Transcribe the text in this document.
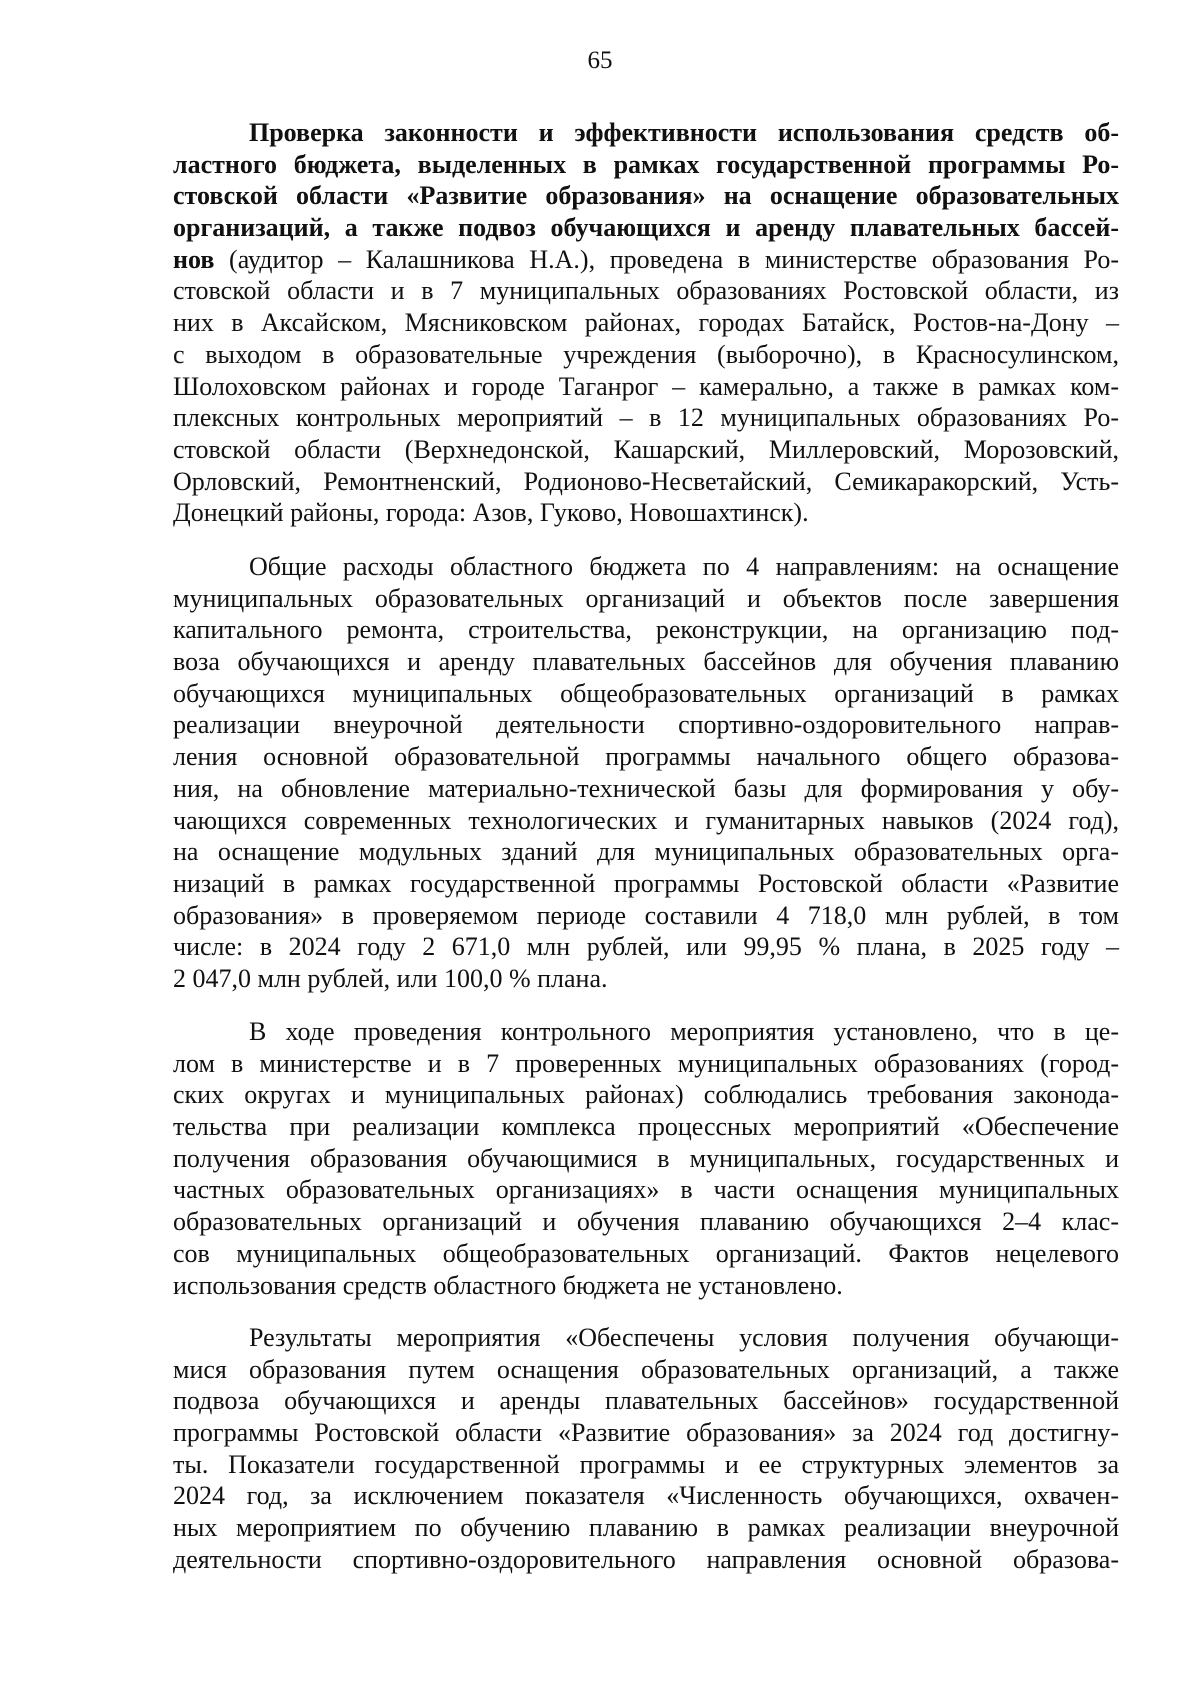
65
Проверка законности и эффективности использования средств об-
ластного бюджета, выделенных в рамках государственной программы Ро-
стовской области «Развитие образования» на оснащение образовательных
организаций, а также подвоз обучающихся и аренду плавательных бассей-
нов (аудитор – Калашникова Н.А.), проведена в министерстве образования Ро-
стовской области и в 7 муниципальных образованиях Ростовской области, из
них в Аксайском, Мясниковском районах, городах Батайск, Ростов-на-Дону –
с выходом в образовательные учреждения (выборочно), в Красносулинском,
Шолоховском районах и городе Таганрог – камерально, а также в рамках ком-
плексных контрольных мероприятий – в 12 муниципальных образованиях Ро-
стовской области (Верхнедонской, Кашарский, Миллеровский, Морозовский,
Орловский, Ремонтненский, Родионово-Несветайский, Семикаракорский, Усть-
Донецкий районы, города: Азов, Гуково, Новошахтинск).
Общие расходы областного бюджета по 4 направлениям: на оснащение
муниципальных образовательных организаций и объектов после завершения
капитального ремонта, строительства, реконструкции, на организацию под-
воза обучающихся и аренду плавательных бассейнов для обучения плаванию
обучающихся муниципальных общеобразовательных организаций в рамках
реализации внеурочной деятельности спортивно-оздоровительного направ-
ления основной образовательной программы начального общего образова-
ния, на обновление материально-технической базы для формирования у обу-
чающихся современных технологических и гуманитарных навыков (2024 год),
на оснащение модульных зданий для муниципальных образовательных орга-
низаций в рамках государственной программы Ростовской области «Развитие
образования» в проверяемом периоде составили 4 718,0 млн рублей, в том
числе: в 2024 году 2 671,0 млн рублей, или 99,95 % плана, в 2025 году –
2 047,0 млн рублей, или 100,0 % плана.
В ходе проведения контрольного мероприятия установлено, что в це-
лом в министерстве и в 7 проверенных муниципальных образованиях (город-
ских округах и муниципальных районах) соблюдались требования законода-
тельства при реализации комплекса процессных мероприятий «Обеспечение
получения образования обучающимися в муниципальных, государственных и
частных образовательных организациях» в части оснащения муниципальных
образовательных организаций и обучения плаванию обучающихся 2–4 клас-
сов муниципальных общеобразовательных организаций. Фактов нецелевого
использования средств областного бюджета не установлено.
Результаты мероприятия «Обеспечены условия получения обучающи-
мися образования путем оснащения образовательных организаций, а также
подвоза обучающихся и аренды плавательных бассейнов» государственной
программы Ростовской области «Развитие образования» за 2024 год достигну-
ты. Показатели государственной программы и ее структурных элементов за
2024 год, за исключением показателя «Численность обучающихся, охвачен-
ных мероприятием по обучению плаванию в рамках реализации внеурочной
деятельности спортивно-оздоровительного направления основной образова-
